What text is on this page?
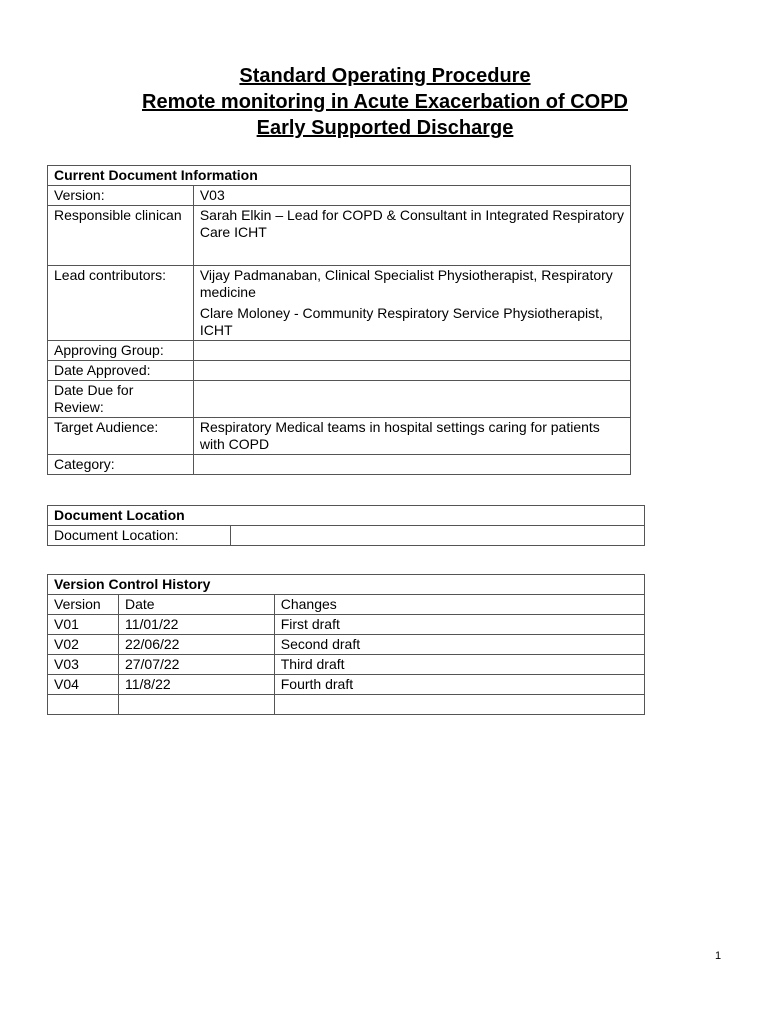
Standard Operating Procedure
Remote monitoring in Acute Exacerbation of COPD
Early Supported Discharge
Current Document Information	
Version:	V03
Responsible clinican	Sarah Elkin – Lead for COPD & Consultant in Integrated Respiratory Care ICHT
Lead contributors:	Vijay Padmanaban, Clinical Specialist Physiotherapist, Respiratory medicine
Clare Moloney - Community Respiratory Service Physiotherapist, ICHT

Approving Group:	
Date Approved:	
Date Due for Review:	
Target Audience:	Respiratory Medical teams in hospital settings caring for patients with COPD
Category:	
Document Location
Document Location:	
Version Control History		
Version	Date	Changes
V01	11/01/22	First draft
V02	22/06/22	Second draft
V03	27/07/22	Third draft
V04	11/8/22	Fourth draft

1
